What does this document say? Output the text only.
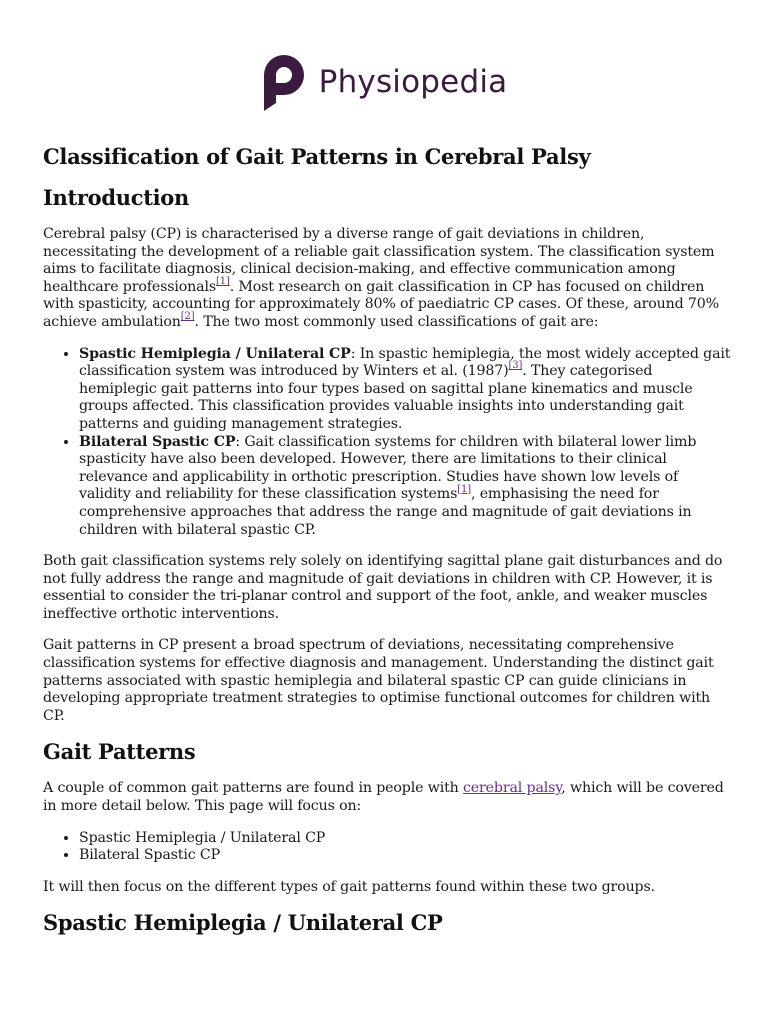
Physiopedia
Classification of Gait Patterns in Cerebral Palsy
Introduction

Cerebral palsy (CP) is characterised by a diverse range of gait deviations in children, necessitating the development of a reliable gait classification system. The classification system aims to facilitate diagnosis, clinical decision-making, and effective communication among healthcare professionals[1]. Most research on gait classification in CP has focused on children with spasticity, accounting for approximately 80% of paediatric CP cases. Of these, around 70% achieve ambulation[2]. The two most commonly used classifications of gait are:

• Spastic Hemiplegia / Unilateral CP: In spastic hemiplegia, the most widely accepted gait classification system was introduced by Winters et al. (1987)[3]. They categorised hemiplegic gait patterns into four types based on sagittal plane kinematics and muscle groups affected. This classification provides valuable insights into understanding gait patterns and guiding management strategies.
• Bilateral Spastic CP: Gait classification systems for children with bilateral lower limb spasticity have also been developed. However, there are limitations to their clinical relevance and applicability in orthotic prescription. Studies have shown low levels of validity and reliability for these classification systems[1], emphasising the need for comprehensive approaches that address the range and magnitude of gait deviations in children with bilateral spastic CP.

Both gait classification systems rely solely on identifying sagittal plane gait disturbances and do not fully address the range and magnitude of gait deviations in children with CP. However, it is essential to consider the tri-planar control and support of the foot, ankle, and weaker muscles ineffective orthotic interventions.

Gait patterns in CP present a broad spectrum of deviations, necessitating comprehensive classification systems for effective diagnosis and management. Understanding the distinct gait patterns associated with spastic hemiplegia and bilateral spastic CP can guide clinicians in developing appropriate treatment strategies to optimise functional outcomes for children with CP.

Gait Patterns

A couple of common gait patterns are found in people with cerebral palsy, which will be covered in more detail below. This page will focus on:

• Spastic Hemiplegia / Unilateral CP
• Bilateral Spastic CP

It will then focus on the different types of gait patterns found within these two groups.

Spastic Hemiplegia / Unilateral CP
